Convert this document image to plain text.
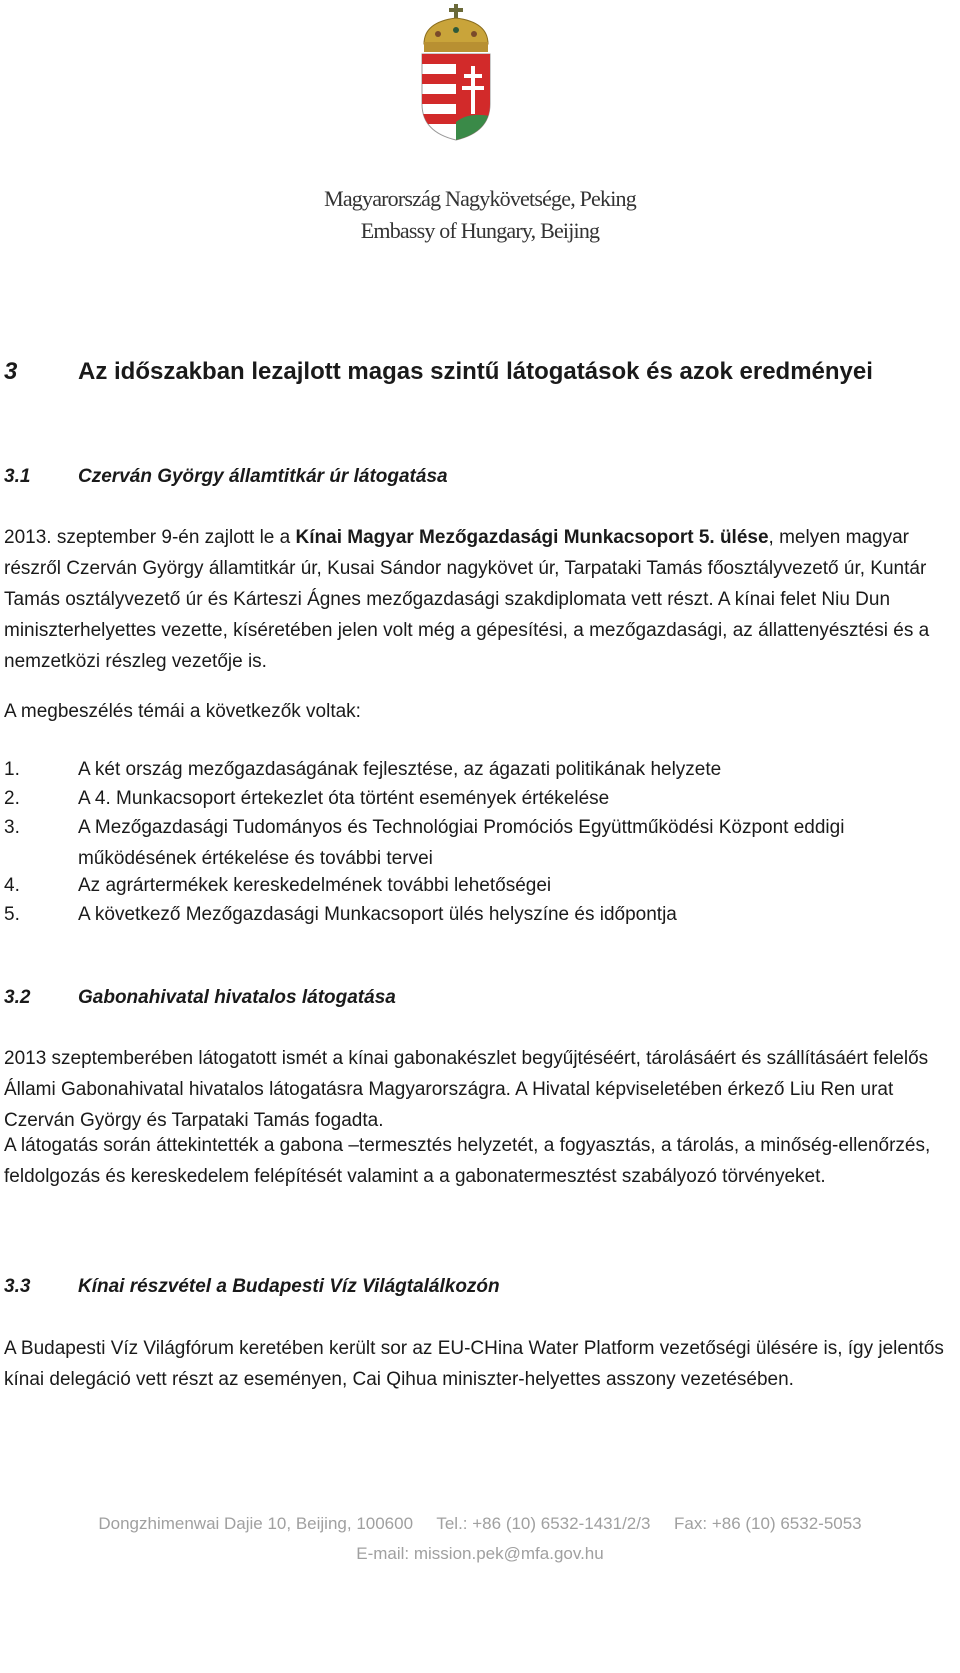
Magyarország Nagykövetsége, Peking
Embassy of Hungary, Beijing
3	Az időszakban lezajlott magas szintű látogatások és azok eredményei
3.1	Czerván György államtitkár úr látogatása
2013. szeptember 9-én zajlott le a Kínai Magyar Mezőgazdasági Munkacsoport 5. ülése, melyen magyar részről Czerván György államtitkár úr, Kusai Sándor nagykövet úr, Tarpataki Tamás főosztályvezető úr, Kuntár Tamás osztályvezető úr és Kárteszi Ágnes mezőgazdasági szakdiplomata vett részt. A kínai felet Niu Dun miniszterhelyettes vezette, kíséretében jelen volt még a gépesítési, a mezőgazdasági, az állattenyésztési és a nemzetközi részleg vezetője is.
A megbeszélés témái a következők voltak:
1.	A két ország mezőgazdaságának fejlesztése, az ágazati politikának helyzete
2.	A 4. Munkacsoport értekezlet óta történt események értékelése
3.	A Mezőgazdasági Tudományos és Technológiai Promóciós Együttműködési Központ eddigi működésének értékelése és további tervei
4.	Az agrártermékek kereskedelmének további lehetőségei
5.	A következő Mezőgazdasági Munkacsoport ülés helyszíne és időpontja
3.2	Gabonahivatal hivatalos látogatása
2013 szeptemberében látogatott ismét a kínai gabonakészlet begyűjtéséért, tárolásáért és szállításáért felelős Állami Gabonahivatal hivatalos látogatásra Magyarországra. A Hivatal képviseletében érkező Liu Ren urat Czerván György és Tarpataki Tamás fogadta.
A látogatás során áttekintették a gabona –termesztés helyzetét, a fogyasztás, a tárolás, a minőség-ellenőrzés, feldolgozás és kereskedelem felépítését valamint a a gabonatermesztést szabályozó törvényeket.
3.3	Kínai részvétel a Budapesti Víz Világtalálkozón
A Budapesti Víz Világfórum keretében került sor az EU-CHina Water Platform vezetőségi ülésére is, így jelentős kínai delegáció vett részt az eseményen, Cai Qihua miniszter-helyettes asszony vezetésében.
Dongzhimenwai Dajie 10, Beijing, 100600     Tel.: +86 (10) 6532-1431/2/3     Fax: +86 (10) 6532-5053
E-mail: mission.pek@mfa.gov.hu
